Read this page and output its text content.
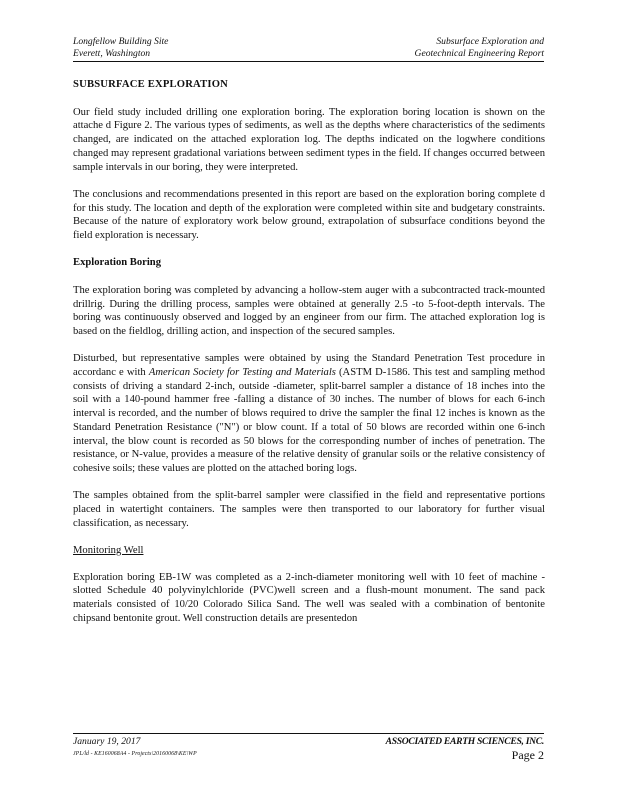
Longfellow Building Site
Everett, Washington
Subsurface Exploration and
Geotechnical Engineering Report
SUBSURFACE EXPLORATION

Our field study included drilling one exploration boring. The exploration boring location is shown on the attache d Figure 2. The various types of sediments, as well as the depths where characteristics of the sediments changed, are indicated on the attached exploration log. The depths indicated on the logwhere conditions changed may represent gradational variations between sediment types in the field. If changes occurred between sample intervals in our boring, they were interpreted.

The conclusions and recommendations presented in this report are based on the exploration boring complete d for this study. The location and depth of the exploration were completed within site and budgetary constraints. Because of the nature of exploratory work below ground, extrapolation of subsurface conditions beyond the field exploration is necessary.

Exploration Boring

The exploration boring was completed by advancing a hollow-stem auger with a subcontracted track-mounted drillrig. During the drilling process, samples were obtained at generally 2.5 -to 5-foot-depth intervals. The boring was continuously observed and logged by an engineer from our firm. The attached exploration log is based on the fieldlog, drilling action, and inspection of the secured samples.

Disturbed, but representative samples were obtained by using the Standard Penetration Test procedure in accordanc e with American Society for Testing and Materials (ASTM D-1586. This test and sampling method consists of driving a standard 2-inch, outside -diameter, split-barrel sampler a distance of 18 inches into the soil with a 140-pound hammer free -falling a distance of 30 inches. The number of blows for each 6-inch interval is recorded, and the number of blows required to drive the sampler the final 12 inches is known as the Standard Penetration Resistance ("N") or blow count. If a total of 50 blows are recorded within one 6-inch interval, the blow count is recorded as 50 blows for the corresponding number of inches of penetration. The resistance, or N-value, provides a measure of the relative density of granular soils or the relative consistency of cohesive soils; these values are plotted on the attached boring logs.

The samples obtained from the split-barrel sampler were classified in the field and representative portions placed in watertight containers. The samples were then transported to our laboratory for further visual classification, as necessary.

Monitoring Well

Exploration boring EB-1W was completed as a 2-inch-diameter monitoring well with 10 feet of machine -slotted Schedule 40 polyvinylchloride (PVC)well screen and a flush-mount monument. The sand pack materials consisted of 10/20 Colorado Silica Sand. The well was sealed with a combination of bentonite chipsand bentonite grout. Well construction details are presentedon

January 19, 2017	ASSOCIATED EARTH SCIENCES, INC.
JPL/ld - KE160068A4 - Projects\20160068\KE\WP	Page 2
